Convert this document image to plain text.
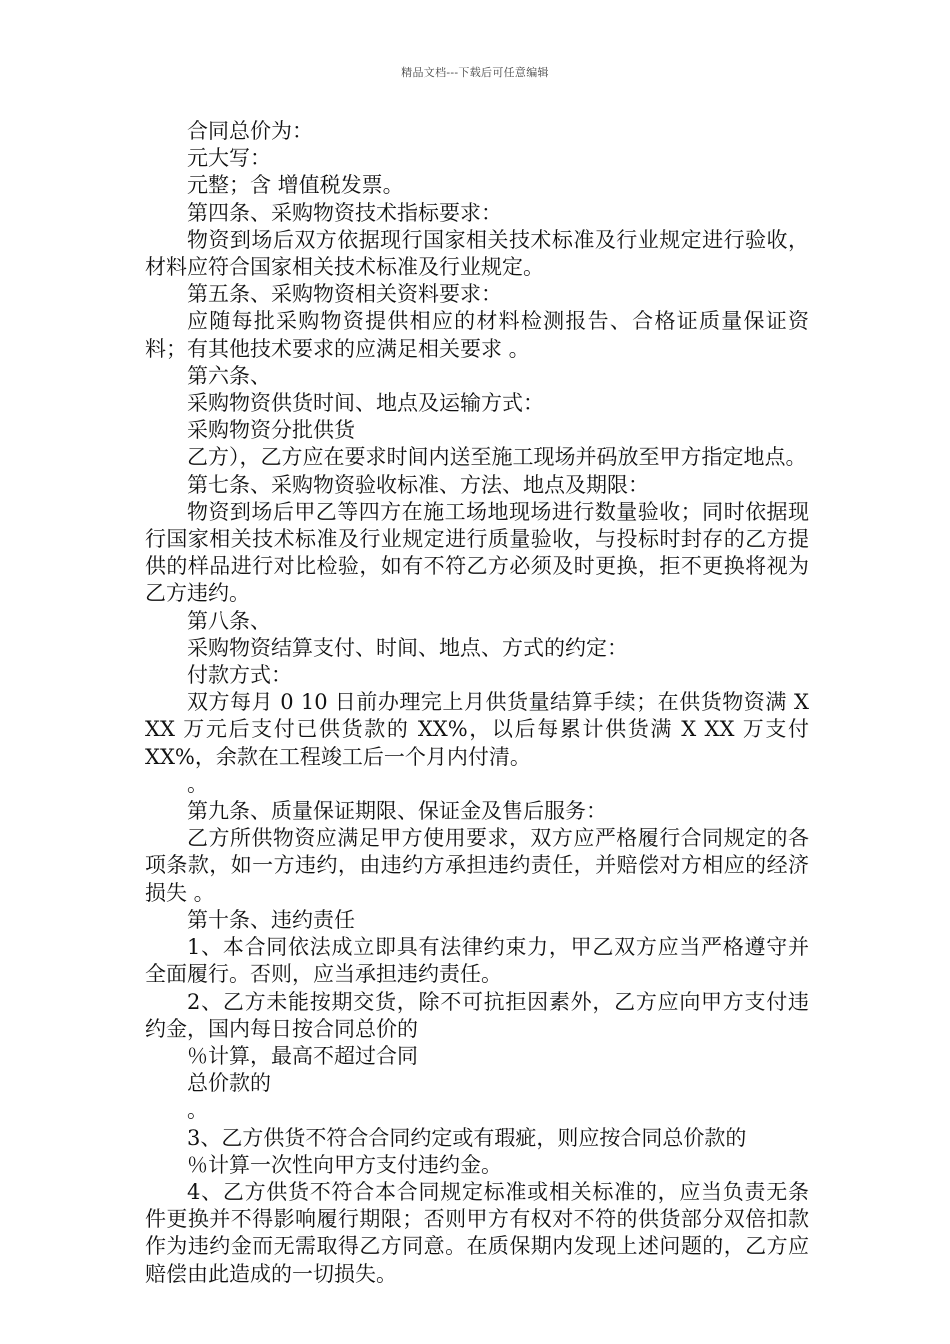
精品文档---下载后可任意编辑

合同总价为：

元大写：

元整；含 增值税发票。

第四条、采购物资技术指标要求：

物资到场后双方依据现行国家相关技术标准及行业规定进行验收，材料应符合国家相关技术标准及行业规定。

第五条、采购物资相关资料要求：

应随每批采购物资提供相应的材料检测报告、合格证质量保证资料；有其他技术要求的应满足相关要求 。

第六条、

采购物资供货时间、地点及运输方式：

采购物资分批供货

乙方），乙方应在要求时间内送至施工现场并码放至甲方指定地点。

第七条、采购物资验收标准、方法、地点及期限：

物资到场后甲乙等四方在施工场地现场进行数量验收；同时依据现行国家相关技术标准及行业规定进行质量验收，与投标时封存的乙方提供的样品进行对比检验，如有不符乙方必须及时更换，拒不更换将视为乙方违约。

第八条、

采购物资结算支付、时间、地点、方式的约定：

付款方式：

双方每月 0 10 日前办理完上月供货量结算手续；在供货物资满 X XX 万元后支付已供货款的 XX%，以后每累计供货满 X XX 万支付 XX%，余款在工程竣工后一个月内付清。

。

第九条、质量保证期限、保证金及售后服务：

乙方所供物资应满足甲方使用要求，双方应严格履行合同规定的各项条款，如一方违约，由违约方承担违约责任，并赔偿对方相应的经济损失 。

第十条、违约责任

1、本合同依法成立即具有法律约束力，甲乙双方应当严格遵守并全面履行。否则，应当承担违约责任。

2、乙方未能按期交货，除不可抗拒因素外，乙方应向甲方支付违约金，国内每日按合同总价的

％计算，最高不超过合同

总价款的

。

3、乙方供货不符合合同约定或有瑕疵，则应按合同总价款的

％计算一次性向甲方支付违约金。

4、乙方供货不符合本合同规定标准或相关标准的，应当负责无条件更换并不得影响履行期限；否则甲方有权对不符的供货部分双倍扣款作为违约金而无需取得乙方同意。在质保期内发现上述问题的，乙方应赔偿由此造成的一切损失。
